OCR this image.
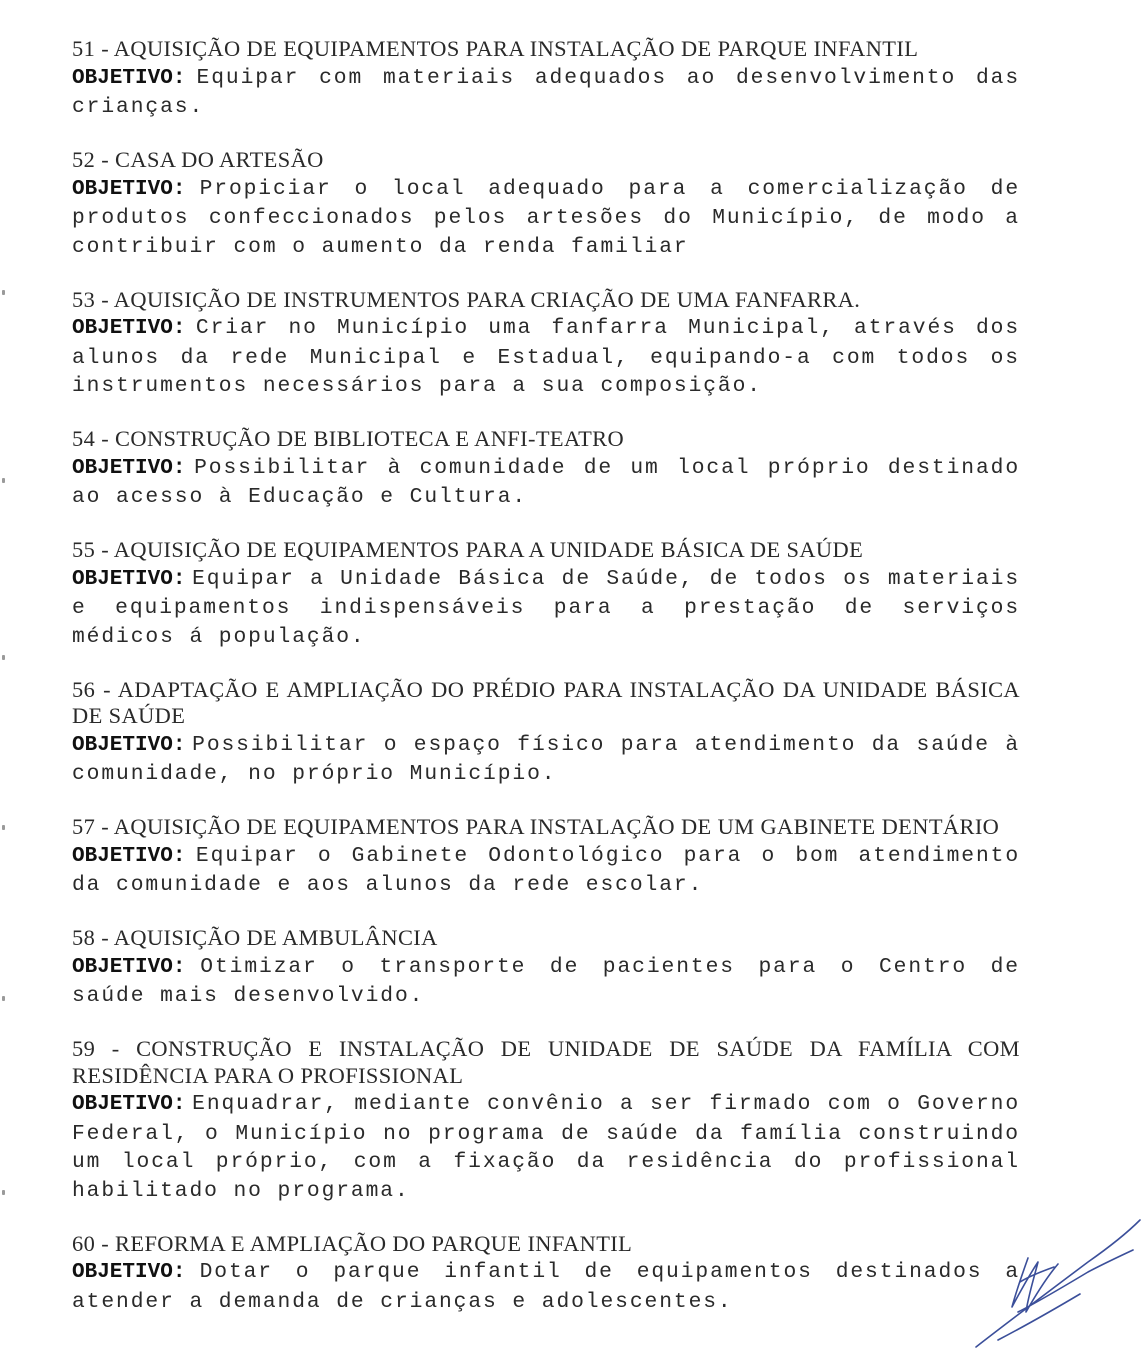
51 - AQUISIÇÃO DE EQUIPAMENTOS PARA INSTALAÇÃO DE PARQUE INFANTIL
OBJETIVO: Equipar com materiais adequados ao desenvolvimento das crianças.
52 - CASA DO ARTESÃO
OBJETIVO: Propiciar o local adequado para a comercialização de produtos confeccionados pelos artesões do Município, de modo a contribuir com o aumento da renda familiar
53 - AQUISIÇÃO DE INSTRUMENTOS PARA CRIAÇÃO DE UMA FANFARRA.
OBJETIVO: Criar no Município uma fanfarra Municipal, através dos alunos da rede Municipal e Estadual, equipando-a com todos os instrumentos necessários para a sua composição.
54 - CONSTRUÇÃO DE BIBLIOTECA E ANFI-TEATRO
OBJETIVO: Possibilitar à comunidade de um local próprio destinado ao acesso à Educação e Cultura.
55 - AQUISIÇÃO DE EQUIPAMENTOS PARA A UNIDADE BÁSICA DE SAÚDE
OBJETIVO: Equipar a Unidade Básica de Saúde, de todos os materiais e equipamentos indispensáveis para a prestação de serviços médicos á população.
56 - ADAPTAÇÃO E AMPLIAÇÃO DO PRÉDIO PARA INSTALAÇÃO DA UNIDADE BÁSICA DE SAÚDE
OBJETIVO: Possibilitar o espaço físico para atendimento da saúde à comunidade, no próprio Município.
57 - AQUISIÇÃO DE EQUIPAMENTOS PARA INSTALAÇÃO DE UM GABINETE DENTÁRIO
OBJETIVO: Equipar o Gabinete Odontológico para o bom atendimento da comunidade e aos alunos da rede escolar.
58 - AQUISIÇÃO DE AMBULÂNCIA
OBJETIVO: Otimizar o transporte de pacientes para o Centro de saúde mais desenvolvido.
59 - CONSTRUÇÃO E INSTALAÇÃO DE UNIDADE DE SAÚDE DA FAMÍLIA COM RESIDÊNCIA PARA O PROFISSIONAL
OBJETIVO: Enquadrar, mediante convênio a ser firmado com o Governo Federal, o Município no programa de saúde da família construindo um local próprio, com a fixação da residência do profissional habilitado no programa.
60 - REFORMA E AMPLIAÇÃO DO PARQUE INFANTIL
OBJETIVO: Dotar o parque infantil de equipamentos destinados a atender a demanda de crianças e adolescentes.
